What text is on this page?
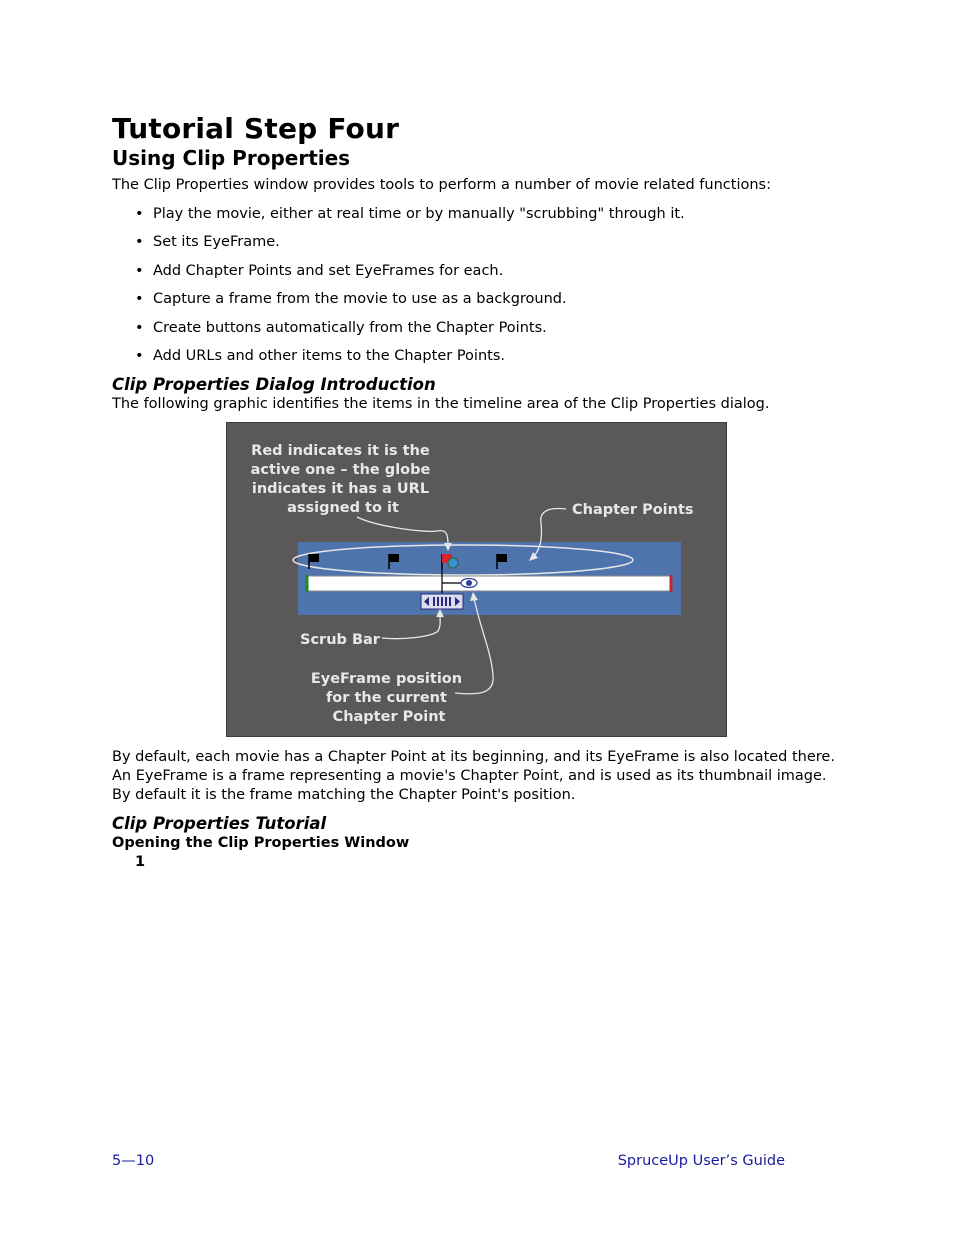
Tutorial Step Four
Using Clip Properties

The Clip Properties window provides tools to perform a number of movie related functions:

• Play the movie, either at real time or by manually "scrubbing" through it.
• Set its EyeFrame.
• Add Chapter Points and set EyeFrames for each.
• Capture a frame from the movie to use as a background.
• Create buttons automatically from the Chapter Points.
• Add URLs and other items to the Chapter Points.
Clip Properties Dialog Introduction

The following graphic identifies the items in the timeline area of the Clip Properties dialog.

Red indicates it is the active one – the globe indicates it has a URL assigned to it	Chapter Points
Scrub Bar
EyeFrame position for the current Chapter Point

By default, each movie has a Chapter Point at its beginning, and its EyeFrame is also located there. An EyeFrame is a frame representing a movie's Chapter Point, and is used as its thumbnail image. By default it is the frame matching the Chapter Point's position.

Clip Properties Tutorial

Opening the Clip Properties Window

1

5—10	SpruceUp User’s Guide
